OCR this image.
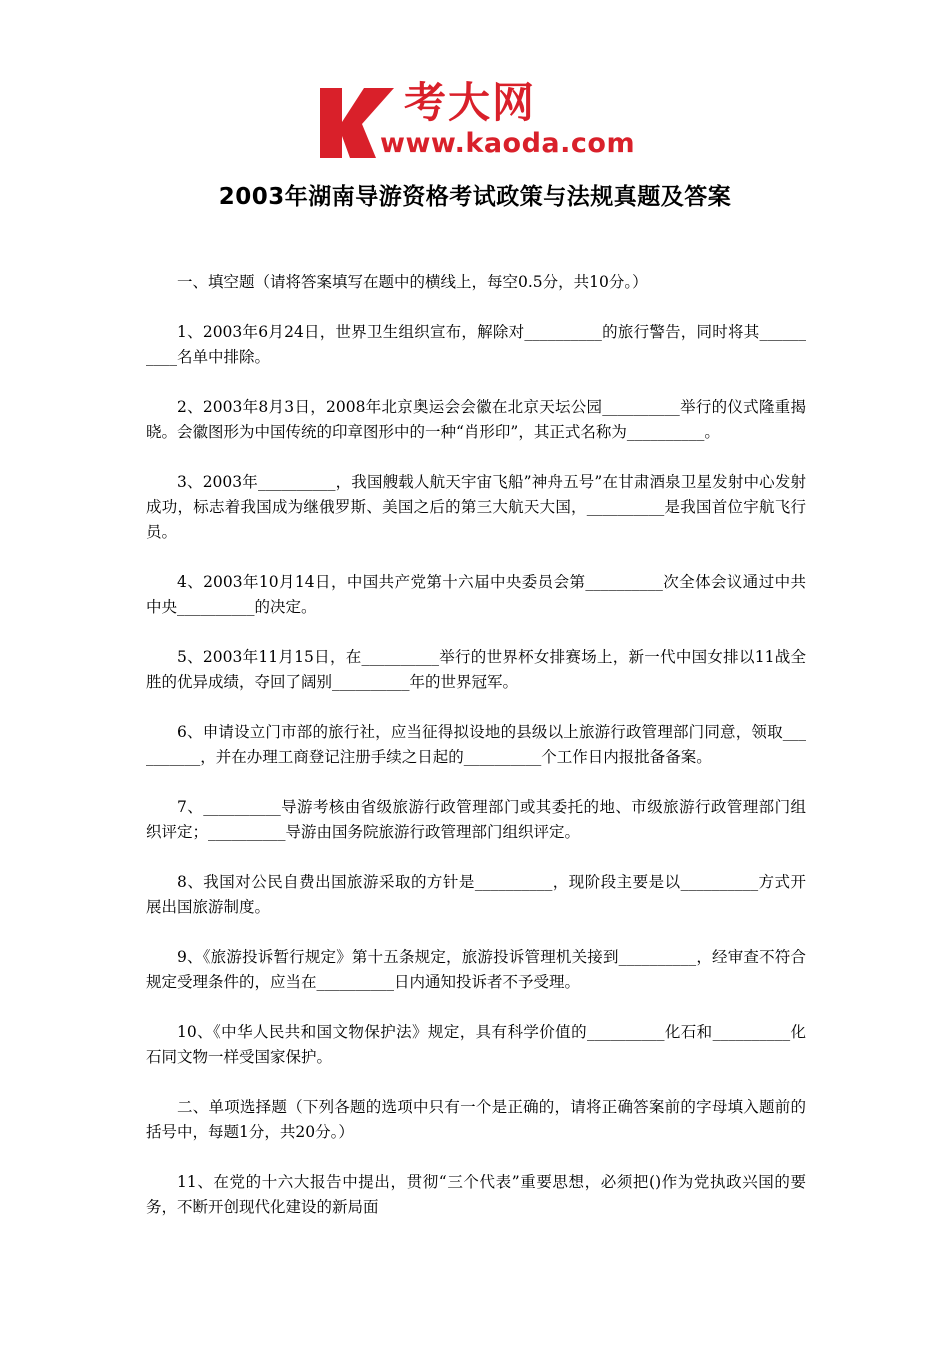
考大网
www.kaoda.com
2003年湖南导游资格考试政策与法规真题及答案

一、填空题（请将答案填写在题中的横线上，每空0.5分，共10分。）

1、2003年6月24日，世界卫生组织宣布，解除对__________的旅行警告，同时将其__________名单中排除。

2、2003年8月3日，2008年北京奥运会会徽在北京天坛公园__________举行的仪式隆重揭晓。会徽图形为中国传统的印章图形中的一种“肖形印”，其正式名称为__________。

3、2003年__________，我国艘载人航天宇宙飞船”神舟五号”在甘肃酒泉卫星发射中心发射成功，标志着我国成为继俄罗斯、美国之后的第三大航天大国，__________是我国首位宇航飞行员。

4、2003年10月14日，中国共产党第十六届中央委员会第__________次全体会议通过中共中央__________的决定。

5、2003年11月15日，在__________举行的世界杯女排赛场上，新一代中国女排以11战全胜的优异成绩，夺回了阔别__________年的世界冠军。

6、申请设立门市部的旅行社，应当征得拟设地的县级以上旅游行政管理部门同意，领取__________，并在办理工商登记注册手续之日起的__________个工作日内报批备备案。

7、__________导游考核由省级旅游行政管理部门或其委托的地、市级旅游行政管理部门组织评定；__________导游由国务院旅游行政管理部门组织评定。

8、我国对公民自费出国旅游采取的方针是__________，现阶段主要是以__________方式开展出国旅游制度。

9、《旅游投诉暂行规定》第十五条规定，旅游投诉管理机关接到__________，经审查不符合规定受理条件的，应当在__________日内通知投诉者不予受理。

10、《中华人民共和国文物保护法》规定，具有科学价值的__________化石和__________化石同文物一样受国家保护。

二、单项选择题（下列各题的选项中只有一个是正确的，请将正确答案前的字母填入题前的括号中，每题1分，共20分。）

11、在党的十六大报告中提出，贯彻“三个代表”重要思想，必须把()作为党执政兴国的要务，不断开创现代化建设的新局面
